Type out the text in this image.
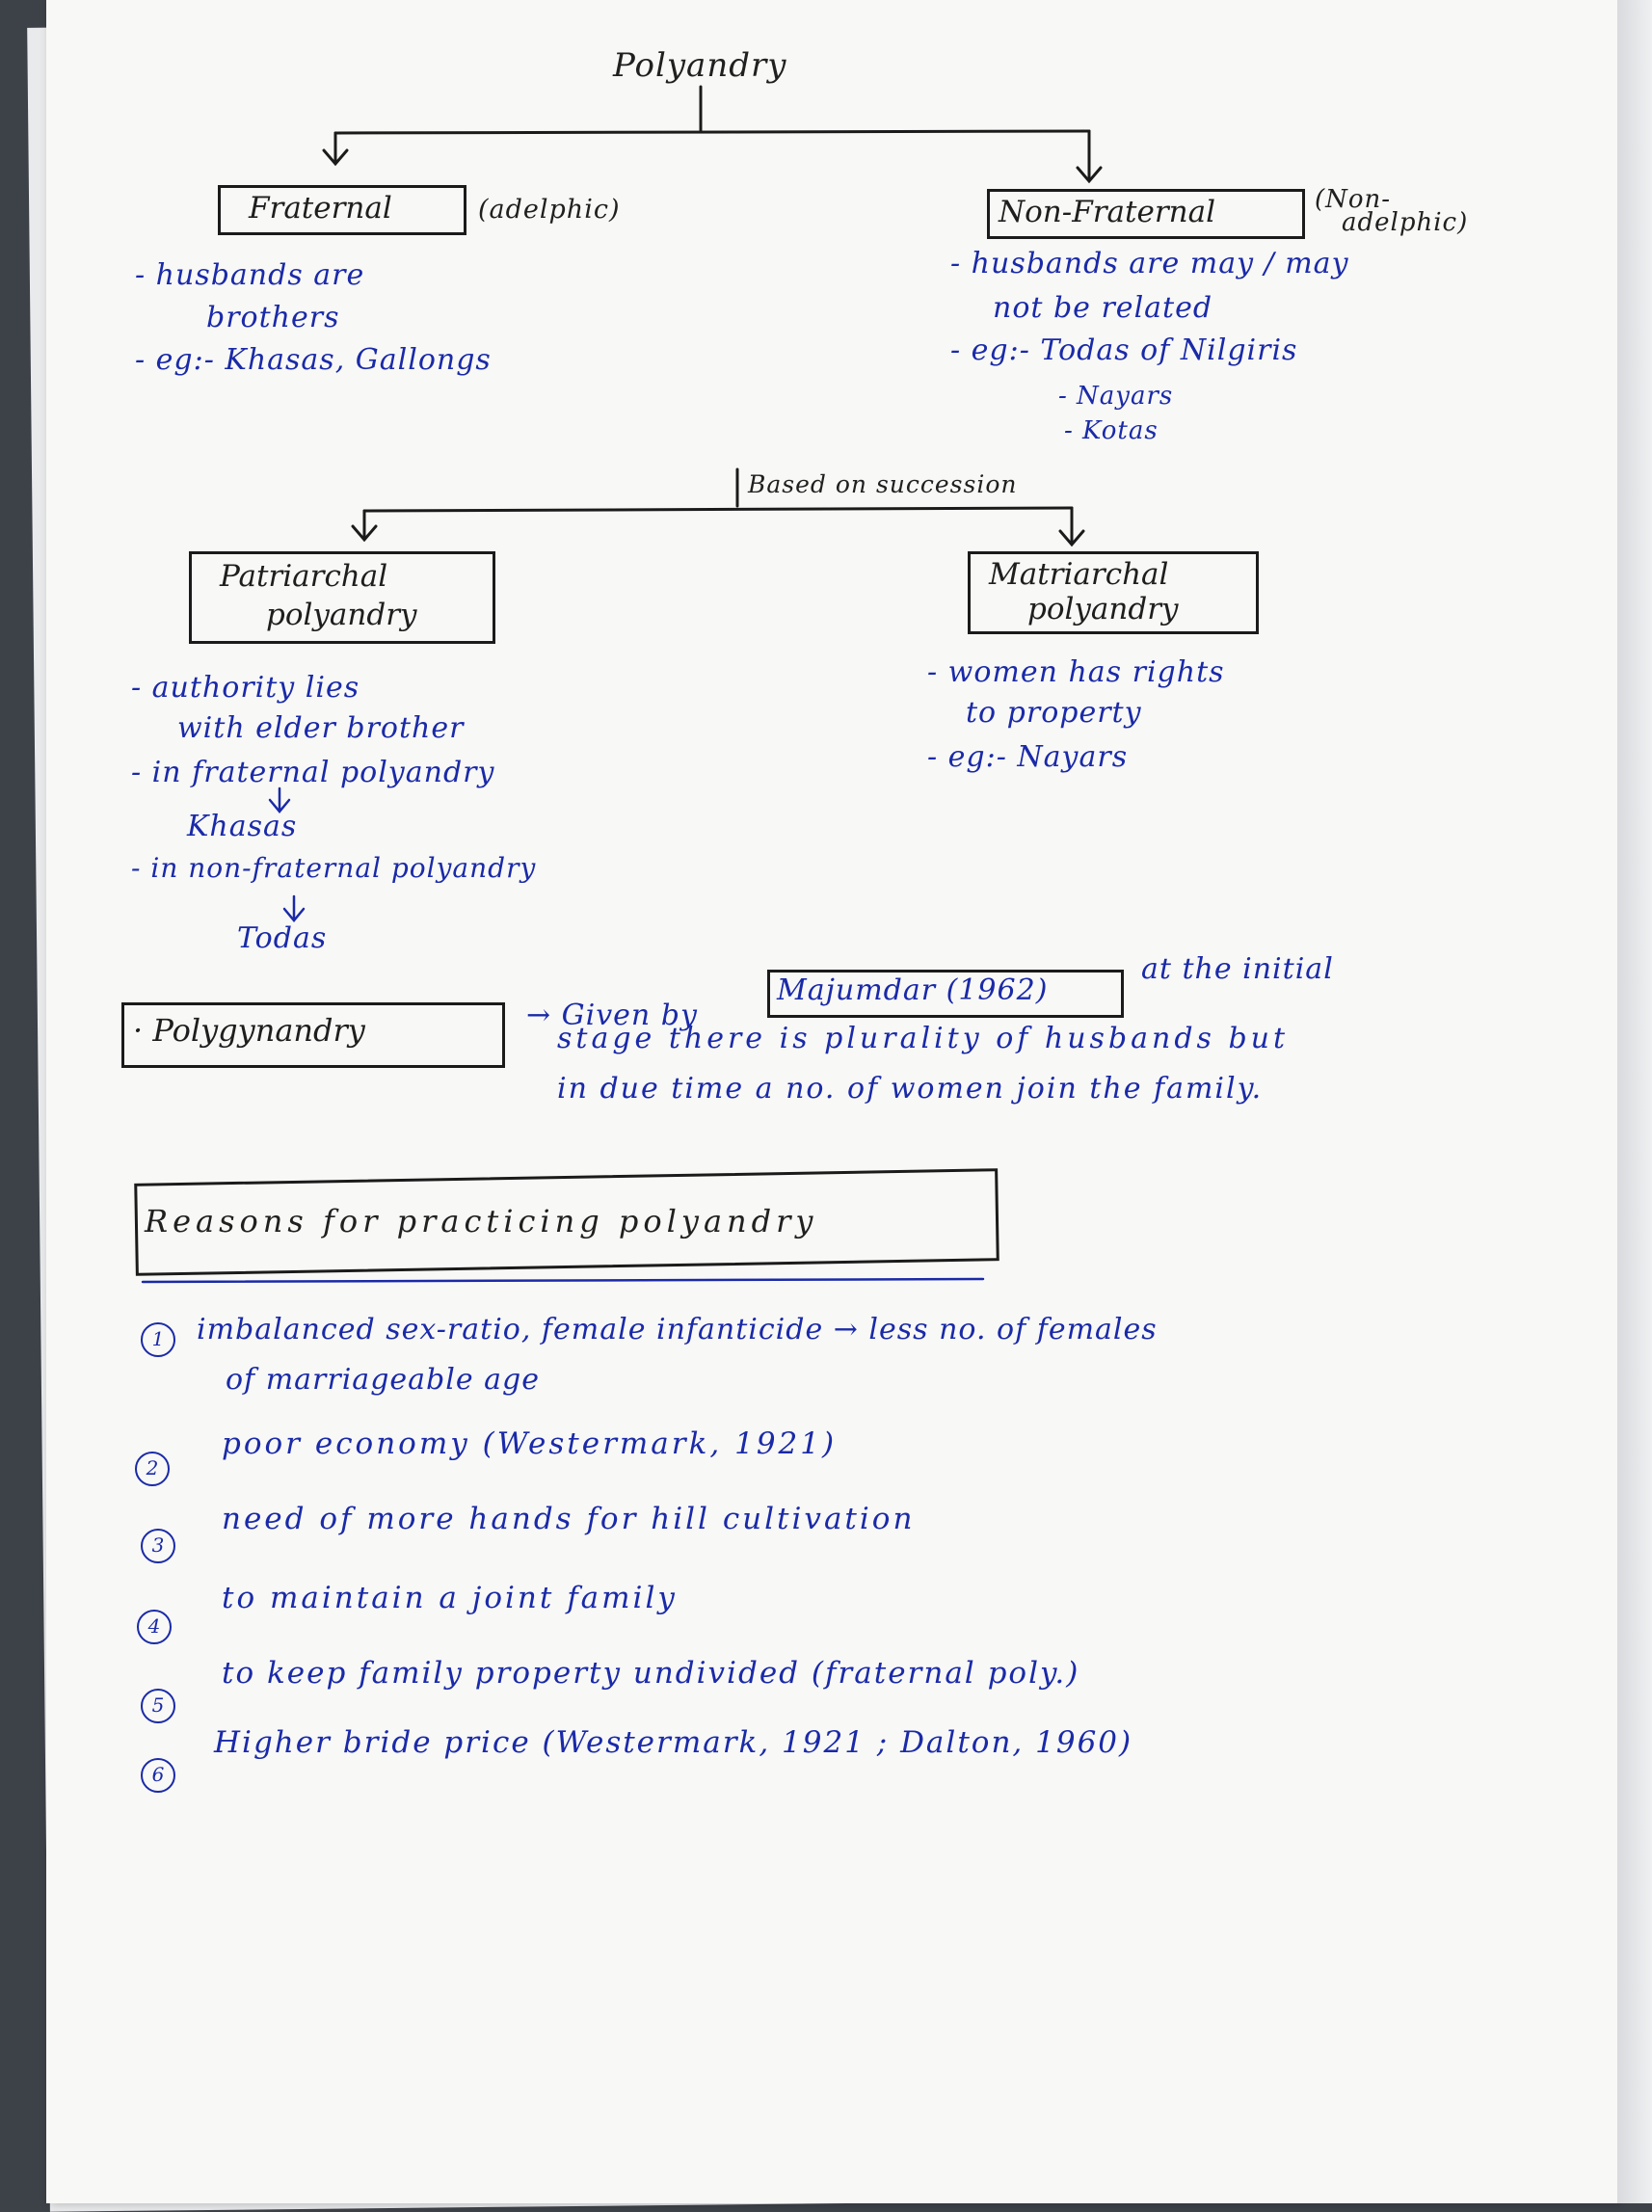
Polyandry
Fraternal	(adelphic)	Non-Fraternal	(Non-
adelphic)
- husbands are
brothers
- eg:- Khasas, Gallongs
- husbands are may / may
not be related
- eg:- Todas of Nilgiris
- Nayars
- Kotas
Based on succession
Patriarchal
polyandry
Matriarchal
polyandry
- authority lies
with elder brother
- in fraternal polyandry
Khasas
- in non-fraternal polyandry
Todas
- women has rights
to property
- eg:- Nayars
· Polygynandry	→ Given by
Majumdar (1962)
at the initial
stage there is plurality of husbands but
in due time a no. of women join the family.
Reasons for practicing polyandry
1	imbalanced sex-ratio, female infanticide → less no. of females
of marriageable age
2
poor economy (Westermark, 1921)
3
need of more hands for hill cultivation
4
to maintain a joint family
5
to keep family property undivided (fraternal poly.)
6
Higher bride price (Westermark, 1921 ; Dalton, 1960)
